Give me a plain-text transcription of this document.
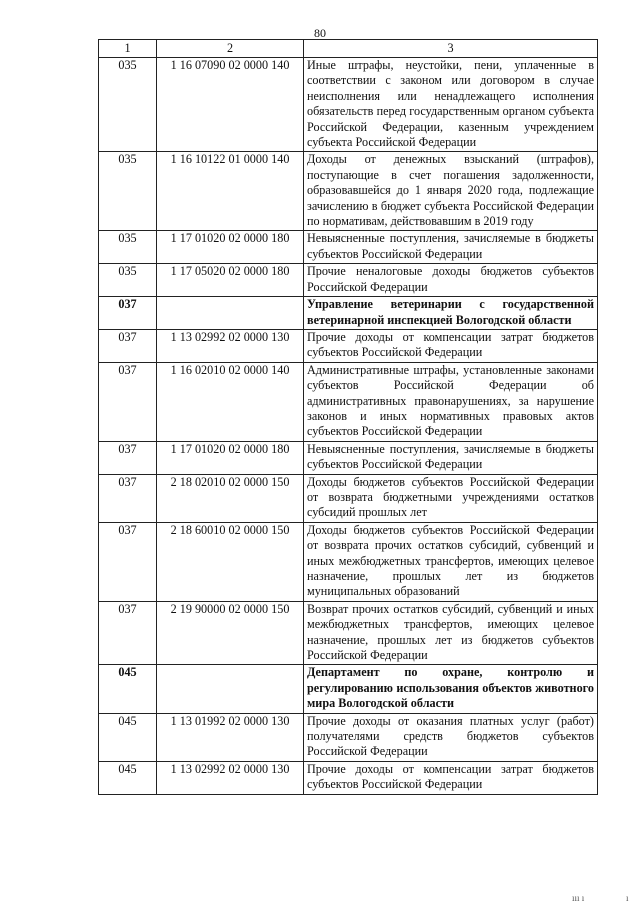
80
1	2	3
035	1 16 07090 02 0000 140	Иные штрафы, неустойки, пени, уплаченные в соответствии с законом или договором в случае неисполнения или ненадлежащего исполнения обязательств перед государственным органом субъекта Российской Федерации, казенным учреждением субъекта Российской Федерации
035	1 16 10122 01 0000 140	Доходы от денежных взысканий (штрафов), поступающие в счет погашения задолженности, образовавшейся до 1 января 2020 года, подлежащие зачислению в бюджет субъекта Российской Федерации по нормативам, действовавшим в 2019 году
035	1 17 01020 02 0000 180	Невыясненные поступления, зачисляемые в бюджеты субъектов Российской Федерации
035	1 17 05020 02 0000 180	Прочие неналоговые доходы бюджетов субъектов Российской Федерации
037		Управление ветеринарии с государственной ветеринарной инспекцией Вологодской области
037	1 13 02992 02 0000 130	Прочие доходы от компенсации затрат бюджетов субъектов Российской Федерации
037	1 16 02010 02 0000 140	Административные штрафы, установленные законами субъектов Российской Федерации об административных правонарушениях, за нарушение законов и иных нормативных правовых актов субъектов Российской Федерации
037	1 17 01020 02 0000 180	Невыясненные поступления, зачисляемые в бюджеты субъектов Российской Федерации
037	2 18 02010 02 0000 150	Доходы бюджетов субъектов Российской Федерации от возврата бюджетными учреждениями остатков субсидий прошлых лет
037	2 18 60010 02 0000 150	Доходы бюджетов субъектов Российской Федерации от возврата прочих остатков субсидий, субвенций и иных межбюджетных трансфертов, имеющих целевое назначение, прошлых лет из бюджетов муниципальных образований
037	2 19 90000 02 0000 150	Возврат прочих остатков субсидий, субвенций и иных межбюджетных трансфертов, имеющих целевое назначение, прошлых лет из бюджетов субъектов Российской Федерации
045		Департамент по охране, контролю и регулированию использования объектов животного мира Вологодской области
045	1 13 01992 02 0000 130	Прочие доходы от оказания платных услуг (работ) получателями средств бюджетов субъектов Российской Федерации
045	1 13 02992 02 0000 130	Прочие доходы от компенсации затрат бюджетов субъектов Российской Федерации
ııı ı	ı
